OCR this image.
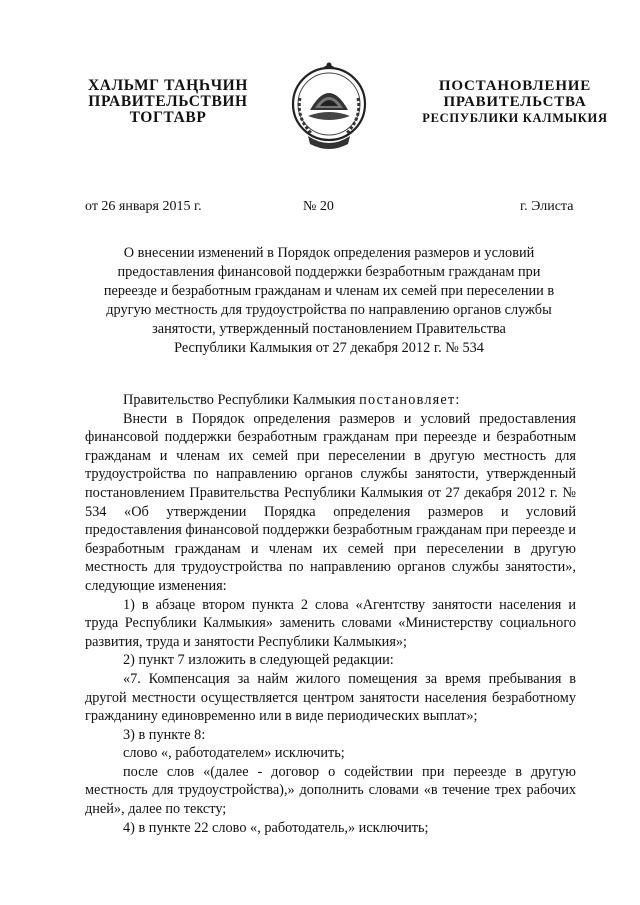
ХАЛЬМГ ТАҢҺЧИН
ПРАВИТЕЛЬСТВИН
ТОГТАВР
ПОСТАНОВЛЕНИЕ
ПРАВИТЕЛЬСТВА
РЕСПУБЛИКИ КАЛМЫКИЯ
от 26 января 2015 г.	№ 20	г. Элиста
О внесении изменений в Порядок определения размеров и условий
предоставления финансовой поддержки безработным гражданам при
переезде и безработным гражданам и членам их семей при переселении в
другую местность для трудоустройства по направлению органов службы
занятости, утвержденный постановлением Правительства
Республики Калмыкия от 27 декабря 2012 г. № 534

Правительство Республики Калмыкия постановляет:

Внести в Порядок определения размеров и условий предоставления финансовой поддержки безработным гражданам при переезде и безработным гражданам и членам их семей при переселении в другую местность для трудоустройства по направлению органов службы занятости, утвержденный постановлением Правительства Республики Калмыкия от 27 декабря 2012 г. № 534 «Об утверждении Порядка определения размеров и условий предоставления финансовой поддержки безработным гражданам при переезде и безработным гражданам и членам их семей при переселении в другую местность для трудоустройства по направлению органов службы занятости», следующие изменения:

1) в абзаце втором пункта 2 слова «Агентству занятости населения и труда Республики Калмыкия» заменить словами «Министерству социального развития, труда и занятости Республики Калмыкия»;

2) пункт 7 изложить в следующей редакции:

«7. Компенсация за найм жилого помещения за время пребывания в другой местности осуществляется центром занятости населения безработному гражданину единовременно или в виде периодических выплат»;

3) в пункте 8:

слово «, работодателем» исключить;

после слов «(далее - договор о содействии при переезде в другую местность для трудоустройства),» дополнить словами «в течение трех рабочих дней», далее по тексту;

4) в пункте 22 слово «, работодатель,» исключить;
